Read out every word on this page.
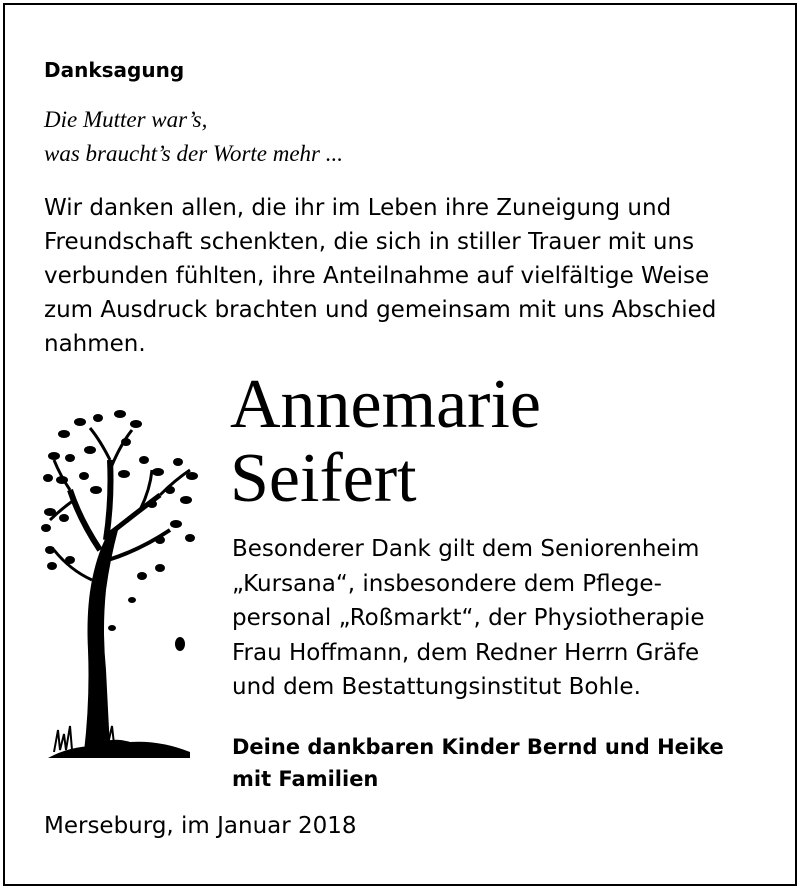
Danksagung
Die Mutter war’s,
was braucht’s der Worte mehr ...
Wir danken allen, die ihr im Leben ihre Zuneigung und
Freundschaft schenkten, die sich in stiller Trauer mit uns
verbunden fühlten, ihre Anteilnahme auf vielfältige Weise
zum Ausdruck brachten und gemeinsam mit uns Abschied
nahmen.
Annemarie
Seifert
Besonderer Dank gilt dem Seniorenheim
„Kursana“, insbesondere dem Pflege-
personal „Roßmarkt“, der Physiotherapie
Frau Hoffmann, dem Redner Herrn Gräfe
und dem Bestattungsinstitut Bohle.
Deine dankbaren Kinder Bernd und Heike
mit Familien
Merseburg, im Januar 2018
